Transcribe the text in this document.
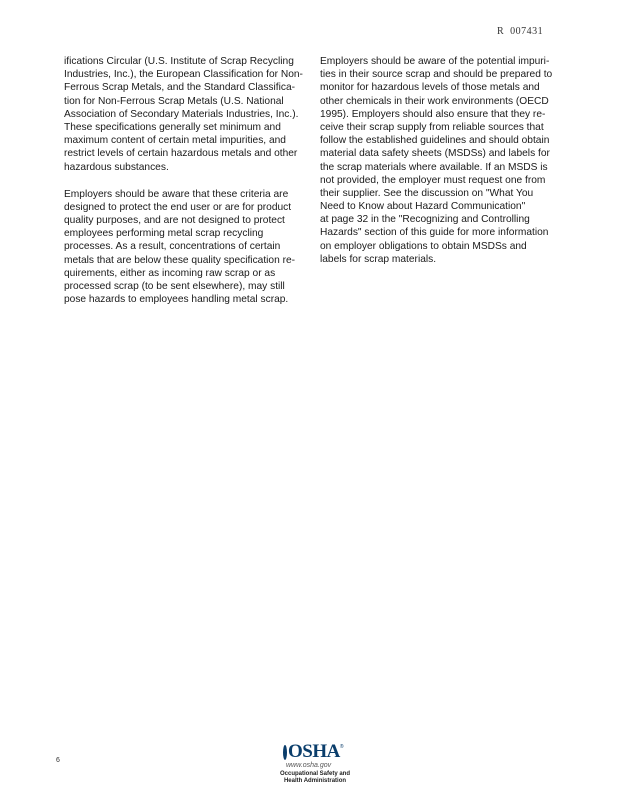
R  007431
ifications Circular (U.S. Institute of Scrap Recycling
Industries, Inc.), the European Classification for Non-
Ferrous Scrap Metals, and the Standard Classifica-
tion for Non-Ferrous Scrap Metals (U.S. National
Association of Secondary Materials Industries, Inc.).
These specifications generally set minimum and
maximum content of certain metal impurities, and
restrict levels of certain hazardous metals and other
hazardous substances.
Employers should be aware that these criteria are
designed to protect the end user or are for product
quality purposes, and are not designed to protect
employees performing metal scrap recycling
processes. As a result, concentrations of certain
metals that are below these quality specification re-
quirements, either as incoming raw scrap or as
processed scrap (to be sent elsewhere), may still
pose hazards to employees handling metal scrap.
Employers should be aware of the potential impuri-
ties in their source scrap and should be prepared to
monitor for hazardous levels of those metals and
other chemicals in their work environments (OECD
1995). Employers should also ensure that they re-
ceive their scrap supply from reliable sources that
follow the established guidelines and should obtain
material data safety sheets (MSDSs) and labels for
the scrap materials where available. If an MSDS is
not provided, the employer must request one from
their supplier. See the discussion on "What You
Need to Know about Hazard Communication"
at page 32 in the "Recognizing and Controlling
Hazards" section of this guide for more information
on employer obligations to obtain MSDSs and
labels for scrap materials.
6	OSHA ®
www.osha.gov
Occupational Safety and
Health Administration
